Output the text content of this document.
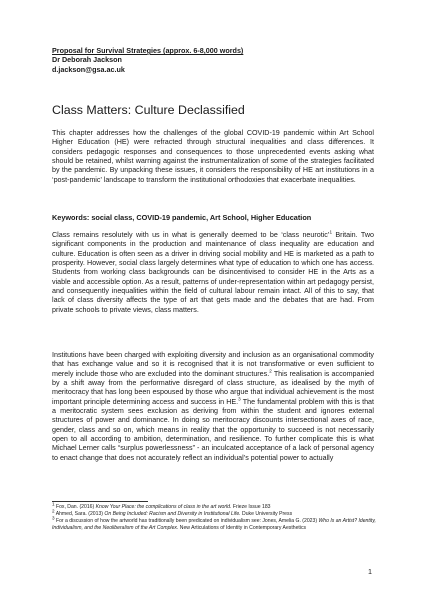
Proposal for Survival Strategies (approx. 6-8,000 words)
Dr Deborah Jackson
d.jackson@gsa.ac.uk
Class Matters: Culture Declassified

This chapter addresses how the challenges of the global COVID-19 pandemic within Art School Higher Education (HE) were refracted through structural inequalities and class differences. It considers pedagogic responses and consequences to those unprecedented events asking what should be retained, whilst warning against the instrumentalization of some of the strategies facilitated by the pandemic. By unpacking these issues, it considers the responsibility of HE art institutions in a ‘post-pandemic’ landscape to transform the institutional orthodoxies that exacerbate inequalities.

Keywords: social class, COVID-19 pandemic, Art School, Higher Education

Class remains resolutely with us in what is generally deemed to be ‘class neurotic’$^1$ Britain. Two significant components in the production and maintenance of class inequality are education and culture. Education is often seen as a driver in driving social mobility and HE is marketed as a path to prosperity. However, social class largely determines what type of education to which one has access. Students from working class backgrounds can be disincentivised to consider HE in the Arts as a viable and accessible option. As a result, patterns of under-representation within art pedagogy persist, and consequently inequalities within the field of cultural labour remain intact. All of this to say, that lack of class diversity affects the type of art that gets made and the debates that are had. From private schools to private views, class matters.

Institutions have been charged with exploiting diversity and inclusion as an organisational commodity that has exchange value and so it is recognised that it is not transformative or even sufficient to merely include those who are excluded into the dominant structures.$^2$ This realisation is accompanied by a shift away from the performative disregard of class structure, as idealised by the myth of meritocracy that has long been espoused by those who argue that individual achievement is the most important principle determining access and success in HE.$^3$ The fundamental problem with this is that a meritocratic system sees exclusion as deriving from within the student and ignores external structures of power and dominance. In doing so meritocracy discounts intersectional axes of race, gender, class and so on, which means in reality that the opportunity to succeed is not necessarily open to all according to ambition, determination, and resilience. To further complicate this is what Michael Lerner calls “surplus powerlessness” - an inculcated acceptance of a lack of personal agency to enact change that does not accurately reflect an individual’s potential power to actually

$^1$ Fox, Dan. (2016) Know Your Place: the complications of class in the art world. Frieze Issue 183

$^2$ Ahmed, Sara. (2013) On Being Included: Racism and Diversity in Institutional Life. Duke University Press

$^3$ For a discussion of how the artworld has traditionally been predicated on individualism see: Jones, Amelia G. (2023) Who Is an Artist? Identity, Individualism, and the Neoliberalism of the Art Complex. New Articulations of Identity in Contemporary Aesthetics

1
